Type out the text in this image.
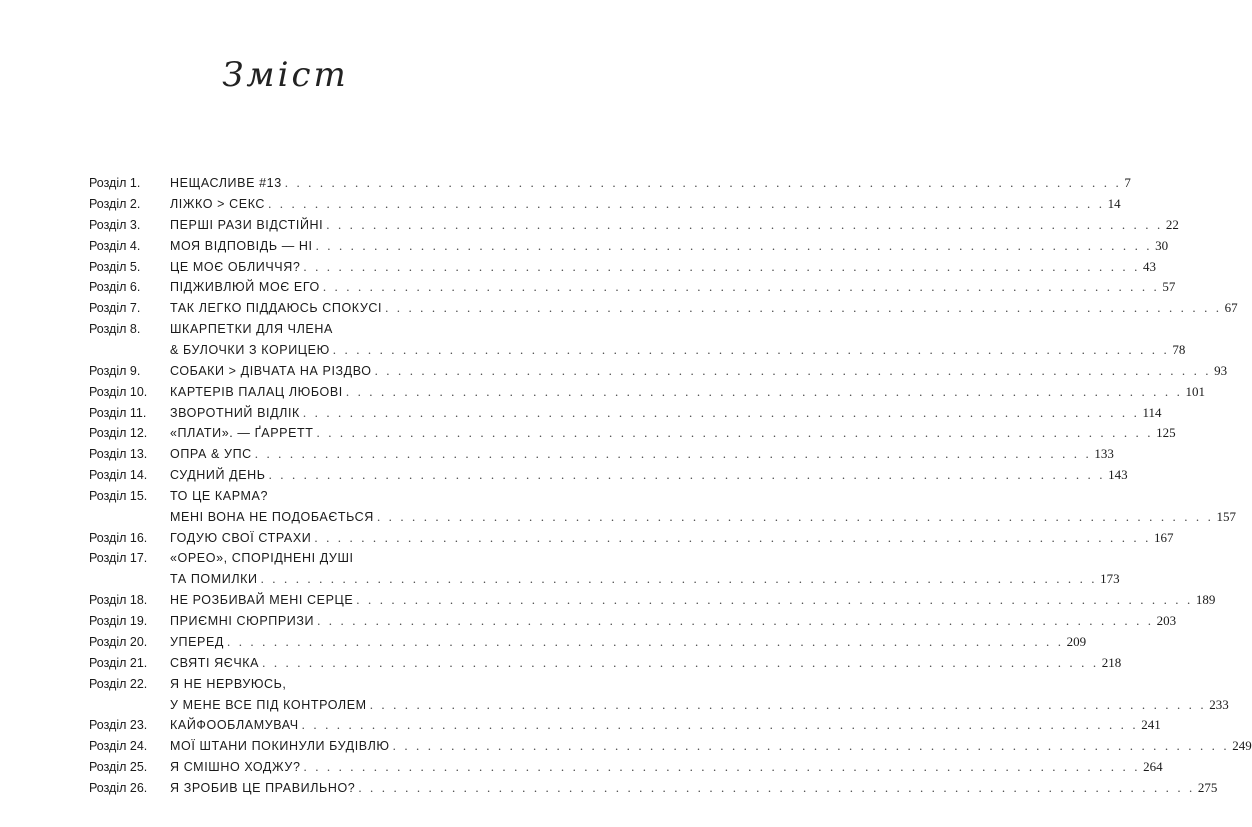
Зміст
Розділ 1.	НЕЩАСЛИВЕ #13 . . . . . . . . . . . . . . . . . . . . . . . . . . . . . . . . . . . . . . . . . . . . . . . . . . . . . . . . . . . . . . . . . . . . . . . . 7
Розділ 2.	ЛІЖКО > СЕКС . . . . . . . . . . . . . . . . . . . . . . . . . . . . . . . . . . . . . . . . . . . . . . . . . . . . . . . . . . . . . . . . . . . . . . . . 14
Розділ 3.	ПЕРШІ РАЗИ ВІДСТІЙНІ . . . . . . . . . . . . . . . . . . . . . . . . . . . . . . . . . . . . . . . . . . . . . . . . . . . . . . . . . . . . . . . . . . . . . . . . 22
Розділ 4.	МОЯ ВІДПОВІДЬ — НІ . . . . . . . . . . . . . . . . . . . . . . . . . . . . . . . . . . . . . . . . . . . . . . . . . . . . . . . . . . . . . . . . . . . . . . . . 30
Розділ 5.	ЦЕ МОЄ ОБЛИЧЧЯ? . . . . . . . . . . . . . . . . . . . . . . . . . . . . . . . . . . . . . . . . . . . . . . . . . . . . . . . . . . . . . . . . . . . . . . . . 43
Розділ 6.	ПІДЖИВЛЮЙ МОЄ ЕГО . . . . . . . . . . . . . . . . . . . . . . . . . . . . . . . . . . . . . . . . . . . . . . . . . . . . . . . . . . . . . . . . . . . . . . . . 57
Розділ 7.	ТАК ЛЕГКО ПІДДАЮСЬ СПОКУСІ . . . . . . . . . . . . . . . . . . . . . . . . . . . . . . . . . . . . . . . . . . . . . . . . . . . . . . . . . . . . . . . . . . . . . . . . 67
Розділ 8.	ШКАРПЕТКИ ДЛЯ ЧЛЕНА
& БУЛОЧКИ З КОРИЦЕЮ . . . . . . . . . . . . . . . . . . . . . . . . . . . . . . . . . . . . . . . . . . . . . . . . . . . . . . . . . . . . . . . . . . . . . . . . 78
Розділ 9.	СОБАКИ > ДІВЧАТА НА РІЗДВО . . . . . . . . . . . . . . . . . . . . . . . . . . . . . . . . . . . . . . . . . . . . . . . . . . . . . . . . . . . . . . . . . . . . . . . . 93
Розділ 10.	КАРТЕРІВ ПАЛАЦ ЛЮБОВІ . . . . . . . . . . . . . . . . . . . . . . . . . . . . . . . . . . . . . . . . . . . . . . . . . . . . . . . . . . . . . . . . . . . . . . . . 101
Розділ 11.	ЗВОРОТНИЙ ВІДЛІК . . . . . . . . . . . . . . . . . . . . . . . . . . . . . . . . . . . . . . . . . . . . . . . . . . . . . . . . . . . . . . . . . . . . . . . . 114
Розділ 12.	«ПЛАТИ». — ҐАРРЕТТ . . . . . . . . . . . . . . . . . . . . . . . . . . . . . . . . . . . . . . . . . . . . . . . . . . . . . . . . . . . . . . . . . . . . . . . . 125
Розділ 13.	ОПРА & УПС . . . . . . . . . . . . . . . . . . . . . . . . . . . . . . . . . . . . . . . . . . . . . . . . . . . . . . . . . . . . . . . . . . . . . . . . 133
Розділ 14.	СУДНИЙ ДЕНЬ . . . . . . . . . . . . . . . . . . . . . . . . . . . . . . . . . . . . . . . . . . . . . . . . . . . . . . . . . . . . . . . . . . . . . . . . 143
Розділ 15.	ТО ЦЕ КАРМА?
МЕНІ ВОНА НЕ ПОДОБАЄТЬСЯ . . . . . . . . . . . . . . . . . . . . . . . . . . . . . . . . . . . . . . . . . . . . . . . . . . . . . . . . . . . . . . . . . . . . . . . . 157
Розділ 16.	ГОДУЮ СВОЇ СТРАХИ . . . . . . . . . . . . . . . . . . . . . . . . . . . . . . . . . . . . . . . . . . . . . . . . . . . . . . . . . . . . . . . . . . . . . . . . 167
Розділ 17.	«ОРЕО», СПОРІДНЕНІ ДУШІ
ТА ПОМИЛКИ . . . . . . . . . . . . . . . . . . . . . . . . . . . . . . . . . . . . . . . . . . . . . . . . . . . . . . . . . . . . . . . . . . . . . . . . 173
Розділ 18.	НЕ РОЗБИВАЙ МЕНІ СЕРЦЕ . . . . . . . . . . . . . . . . . . . . . . . . . . . . . . . . . . . . . . . . . . . . . . . . . . . . . . . . . . . . . . . . . . . . . . . . 189
Розділ 19.	ПРИЄМНІ СЮРПРИЗИ . . . . . . . . . . . . . . . . . . . . . . . . . . . . . . . . . . . . . . . . . . . . . . . . . . . . . . . . . . . . . . . . . . . . . . . . 203
Розділ 20.	УПЕРЕД . . . . . . . . . . . . . . . . . . . . . . . . . . . . . . . . . . . . . . . . . . . . . . . . . . . . . . . . . . . . . . . . . . . . . . . . 209
Розділ 21.	СВЯТІ ЯЄЧКА . . . . . . . . . . . . . . . . . . . . . . . . . . . . . . . . . . . . . . . . . . . . . . . . . . . . . . . . . . . . . . . . . . . . . . . . 218
Розділ 22.	Я НЕ НЕРВУЮСЬ,
У МЕНЕ ВСЕ ПІД КОНТРОЛЕМ . . . . . . . . . . . . . . . . . . . . . . . . . . . . . . . . . . . . . . . . . . . . . . . . . . . . . . . . . . . . . . . . . . . . . . . . 233
Розділ 23.	КАЙФООБЛАМУВАЧ . . . . . . . . . . . . . . . . . . . . . . . . . . . . . . . . . . . . . . . . . . . . . . . . . . . . . . . . . . . . . . . . . . . . . . . . 241
Розділ 24.	МОЇ ШТАНИ ПОКИНУЛИ БУДІВЛЮ . . . . . . . . . . . . . . . . . . . . . . . . . . . . . . . . . . . . . . . . . . . . . . . . . . . . . . . . . . . . . . . . . . . . . . . . 249
Розділ 25.	Я СМІШНО ХОДЖУ? . . . . . . . . . . . . . . . . . . . . . . . . . . . . . . . . . . . . . . . . . . . . . . . . . . . . . . . . . . . . . . . . . . . . . . . . 264
Розділ 26.	Я ЗРОБИВ ЦЕ ПРАВИЛЬНО? . . . . . . . . . . . . . . . . . . . . . . . . . . . . . . . . . . . . . . . . . . . . . . . . . . . . . . . . . . . . . . . . . . . . . . . . 275
